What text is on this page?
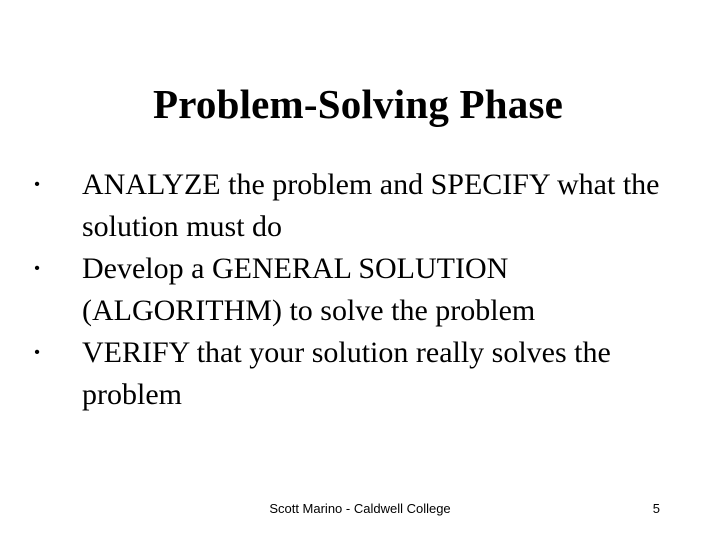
Problem-Solving Phase
• ANALYZE the problem and SPECIFY what the solution must do
• Develop a GENERAL SOLUTION (ALGORITHM) to solve the problem
• VERIFY that your solution really solves the problem
Scott Marino - Caldwell College	5
